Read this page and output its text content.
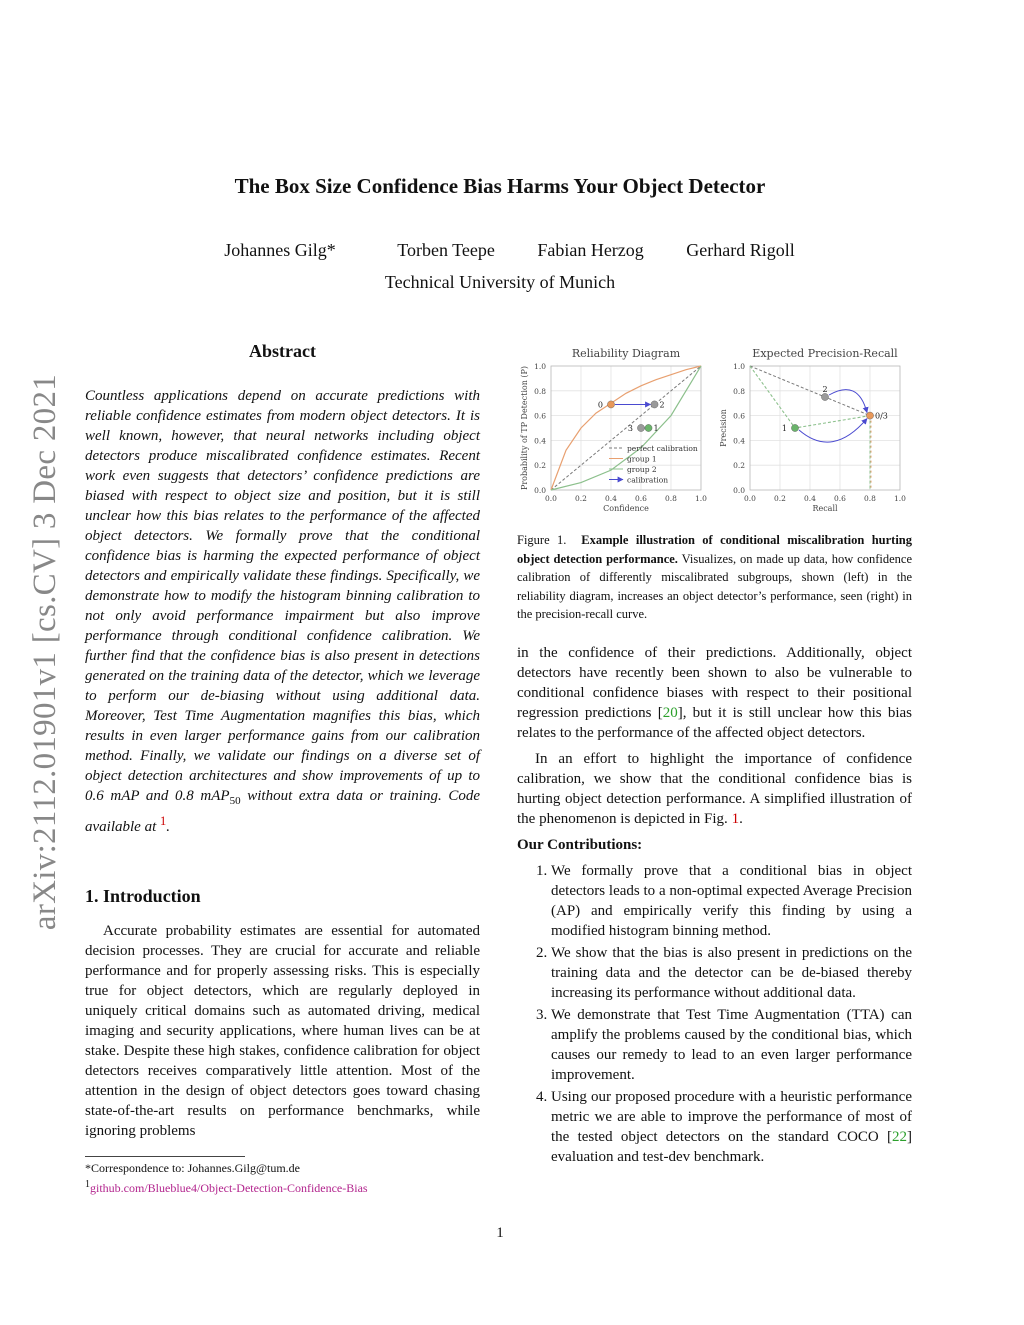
The Box Size Confidence Bias Harms Your Object Detector
Johannes Gilg*	Torben Teepe Fabian Herzog Gerhard Rigoll
Technical University of Munich
arXiv:2112.01901v1 [cs.CV] 3 Dec 2021
Abstract
Countless applications depend on accurate predictions with reliable confidence estimates from modern object detectors. It is well known, however, that neural networks including object detectors produce miscalibrated confidence estimates. Recent work even suggests that detectors’ confidence predictions are biased with respect to object size and position, but it is still unclear how this bias relates to the performance of the affected object detectors. We formally prove that the conditional confidence bias is harming the expected performance of object detectors and empirically validate these findings. Specifically, we demonstrate how to modify the histogram binning calibration to not only avoid performance impairment but also improve performance through conditional confidence calibration. We further find that the confidence bias is also present in detections generated on the training data of the detector, which we leverage to perform our de-biasing without using additional data. Moreover, Test Time Augmentation magnifies this bias, which results in even larger performance gains from our calibration method. Finally, we validate our findings on a diverse set of object detection architectures and show improvements of up to 0.6 mAP and 0.8 mAP$_{50}$ without extra data or training. Code available at $^1$.
1. Introduction

Accurate probability estimates are essential for automated decision processes. They are crucial for accurate and reliable performance and for properly assessing risks. This is especially true for object detectors, which are regularly deployed in uniquely critical domains such as automated driving, medical imaging and security applications, where human lives can be at stake. Despite these high stakes, confidence calibration for object detectors receives comparatively little attention. Most of the attention in the design of object detectors goes toward chasing state-of-the-art results on performance benchmarks, while ignoring problems

*Correspondence to: Johannes.Gilg@tum.de
$^1$github.com/Blueblue4/Object-Detection-Confidence-Bias
Reliability Diagram
0.0
0.2
0.4
0.6
0.8
1.0
0.0 0.2 0.4 0.6 0.8 1.0
Confidence
Probability of TP Detection (P)	perfect calibration
group 1
group 2
calibration
0	2
3	1
Expected Precision-Recall
0.0
0.2
0.4
0.6
0.8
1.0
0.0 0.2 0.4 0.6 0.8 1.0
Recall
Precision	1
2
0/3
Figure 1. Example illustration of conditional miscalibration hurting object detection performance. Visualizes, on made up data, how confidence calibration of differently miscalibrated subgroups, shown (left) in the reliability diagram, increases an object detector’s performance, seen (right) in the precision-recall curve.

in the confidence of their predictions. Additionally, object detectors have recently been shown to also be vulnerable to conditional confidence biases with respect to their positional regression predictions [20], but it is still unclear how this bias relates to the performance of the affected object detectors.

In an effort to highlight the importance of confidence calibration, we show that the conditional confidence bias is hurting object detection performance. A simplified illustration of the phenomenon is depicted in Fig. 1.

Our Contributions:

1. We formally prove that a conditional bias in object detectors leads to a non-optimal expected Average Precision (AP) and empirically verify this finding by using a modified histogram binning method.
2. We show that the bias is also present in predictions on the training data and the detector can be de-biased thereby increasing its performance without additional data.
3. We demonstrate that Test Time Augmentation (TTA) can amplify the problems caused by the conditional bias, which causes our remedy to lead to an even larger performance improvement.
4. Using our proposed procedure with a heuristic performance metric we are able to improve the performance of most of the tested object detectors on the standard COCO [22] evaluation and test-dev benchmark.
1
